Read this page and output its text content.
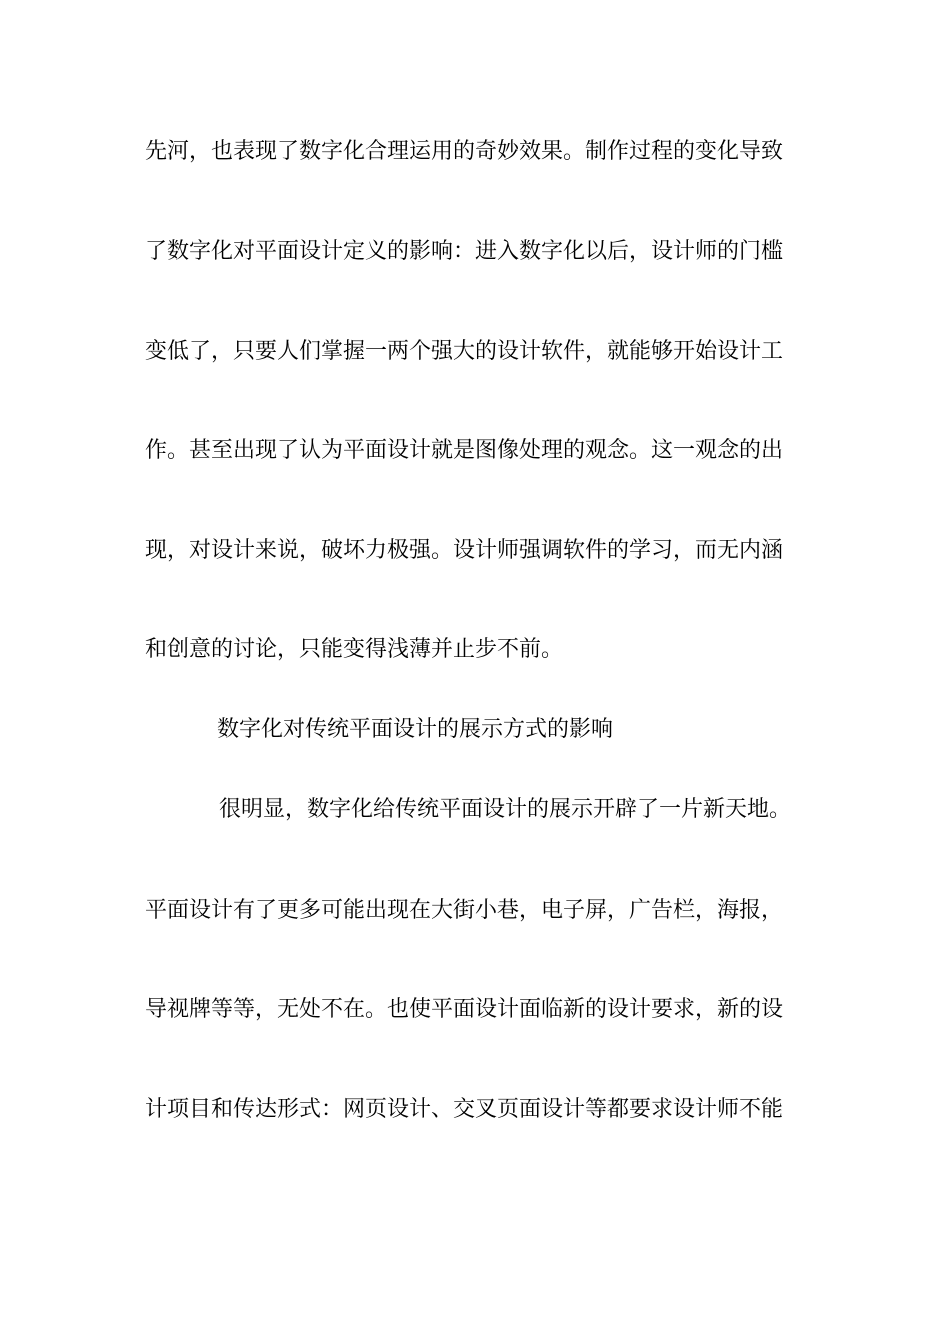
先河，也表现了数字化合理运用的奇妙效果。制作过程的变化导致
了数字化对平面设计定义的影响：进入数字化以后，设计师的门槛
变低了，只要人们掌握一两个强大的设计软件，就能够开始设计工
作。甚至出现了认为平面设计就是图像处理的观念。这一观念的出
现，对设计来说，破坏力极强。设计师强调软件的学习，而无内涵
和创意的讨论，只能变得浅薄并止步不前。
数字化对传统平面设计的展示方式的影响
很明显，数字化给传统平面设计的展示开辟了一片新天地。
平面设计有了更多可能出现在大街小巷，电子屏，广告栏，海报，
导视牌等等，无处不在。也使平面设计面临新的设计要求，新的设
计项目和传达形式：网页设计、交叉页面设计等都要求设计师不能
